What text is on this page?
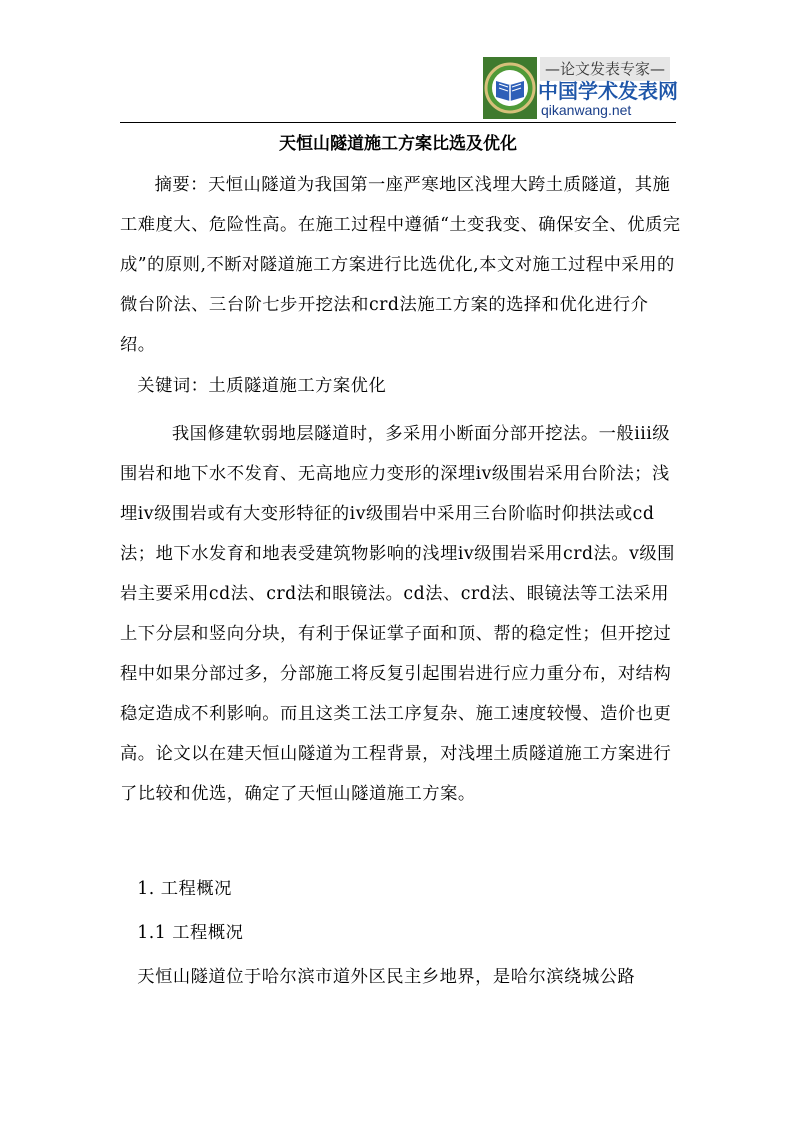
—论文发表专家—
中国学术发表网
qikanwang.net
天恒山隧道施工方案比选及优化

摘要：天恒山隧道为我国第一座严寒地区浅埋大跨土质隧道，其施工难度大、危险性高。在施工过程中遵循“土变我变、确保安全、优质完成”的原则,不断对隧道施工方案进行比选优化,本文对施工过程中采用的微台阶法、三台阶七步开挖法和crd法施工方案的选择和优化进行介绍。

关键词：土质隧道施工方案优化

我国修建软弱地层隧道时，多采用小断面分部开挖法。一般iii级围岩和地下水不发育、无高地应力变形的深埋iv级围岩采用台阶法；浅埋iv级围岩或有大变形特征的iv级围岩中采用三台阶临时仰拱法或cd法；地下水发育和地表受建筑物影响的浅埋iv级围岩采用crd法。v级围岩主要采用cd法、crd法和眼镜法。cd法、crd法、眼镜法等工法采用上下分层和竖向分块，有利于保证掌子面和顶、帮的稳定性；但开挖过程中如果分部过多，分部施工将反复引起围岩进行应力重分布，对结构稳定造成不利影响。而且这类工法工序复杂、施工速度较慢、造价也更高。论文以在建天恒山隧道为工程背景，对浅埋土质隧道施工方案进行了比较和优选，确定了天恒山隧道施工方案。

1. 工程概况

1.1 工程概况

天恒山隧道位于哈尔滨市道外区民主乡地界，是哈尔滨绕城公路
